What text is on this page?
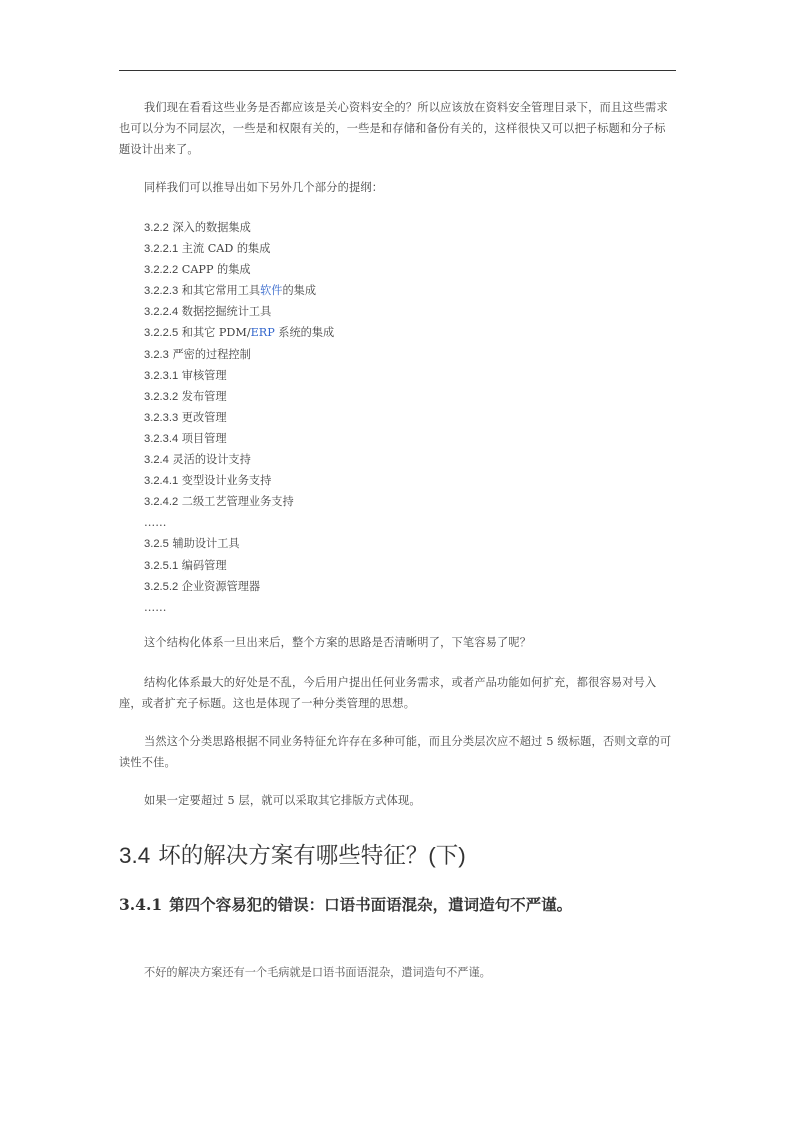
我们现在看看这些业务是否都应该是关心资料安全的？所以应该放在资料安全管理目录下，而且这些需求也可以分为不同层次，一些是和权限有关的，一些是和存储和备份有关的，这样很快又可以把子标题和分子标题设计出来了。

同样我们可以推导出如下另外几个部分的提纲：

3.2.2 深入的数据集成
3.2.2.1 主流 CAD 的集成
3.2.2.2 CAPP 的集成
3.2.2.3 和其它常用工具软件的集成
3.2.2.4 数据挖掘统计工具
3.2.2.5 和其它 PDM/ERP 系统的集成
3.2.3 严密的过程控制
3.2.3.1 审核管理
3.2.3.2 发布管理
3.2.3.3 更改管理
3.2.3.4 项目管理
3.2.4 灵活的设计支持
3.2.4.1 变型设计业务支持
3.2.4.2 二级工艺管理业务支持
……
3.2.5 辅助设计工具
3.2.5.1 编码管理
3.2.5.2 企业资源管理器
……

这个结构化体系一旦出来后，整个方案的思路是否清晰明了，下笔容易了呢？

结构化体系最大的好处是不乱，今后用户提出任何业务需求，或者产品功能如何扩充，都很容易对号入座，或者扩充子标题。这也是体现了一种分类管理的思想。

当然这个分类思路根据不同业务特征允许存在多种可能，而且分类层次应不超过 5 级标题，否则文章的可读性不佳。

如果一定要超过 5 层，就可以采取其它排版方式体现。

3.4 坏的解决方案有哪些特征？(下)
3.4.1 第四个容易犯的错误：口语书面语混杂，遣词造句不严谨。
不好的解决方案还有一个毛病就是口语书面语混杂，遣词造句不严谨。
